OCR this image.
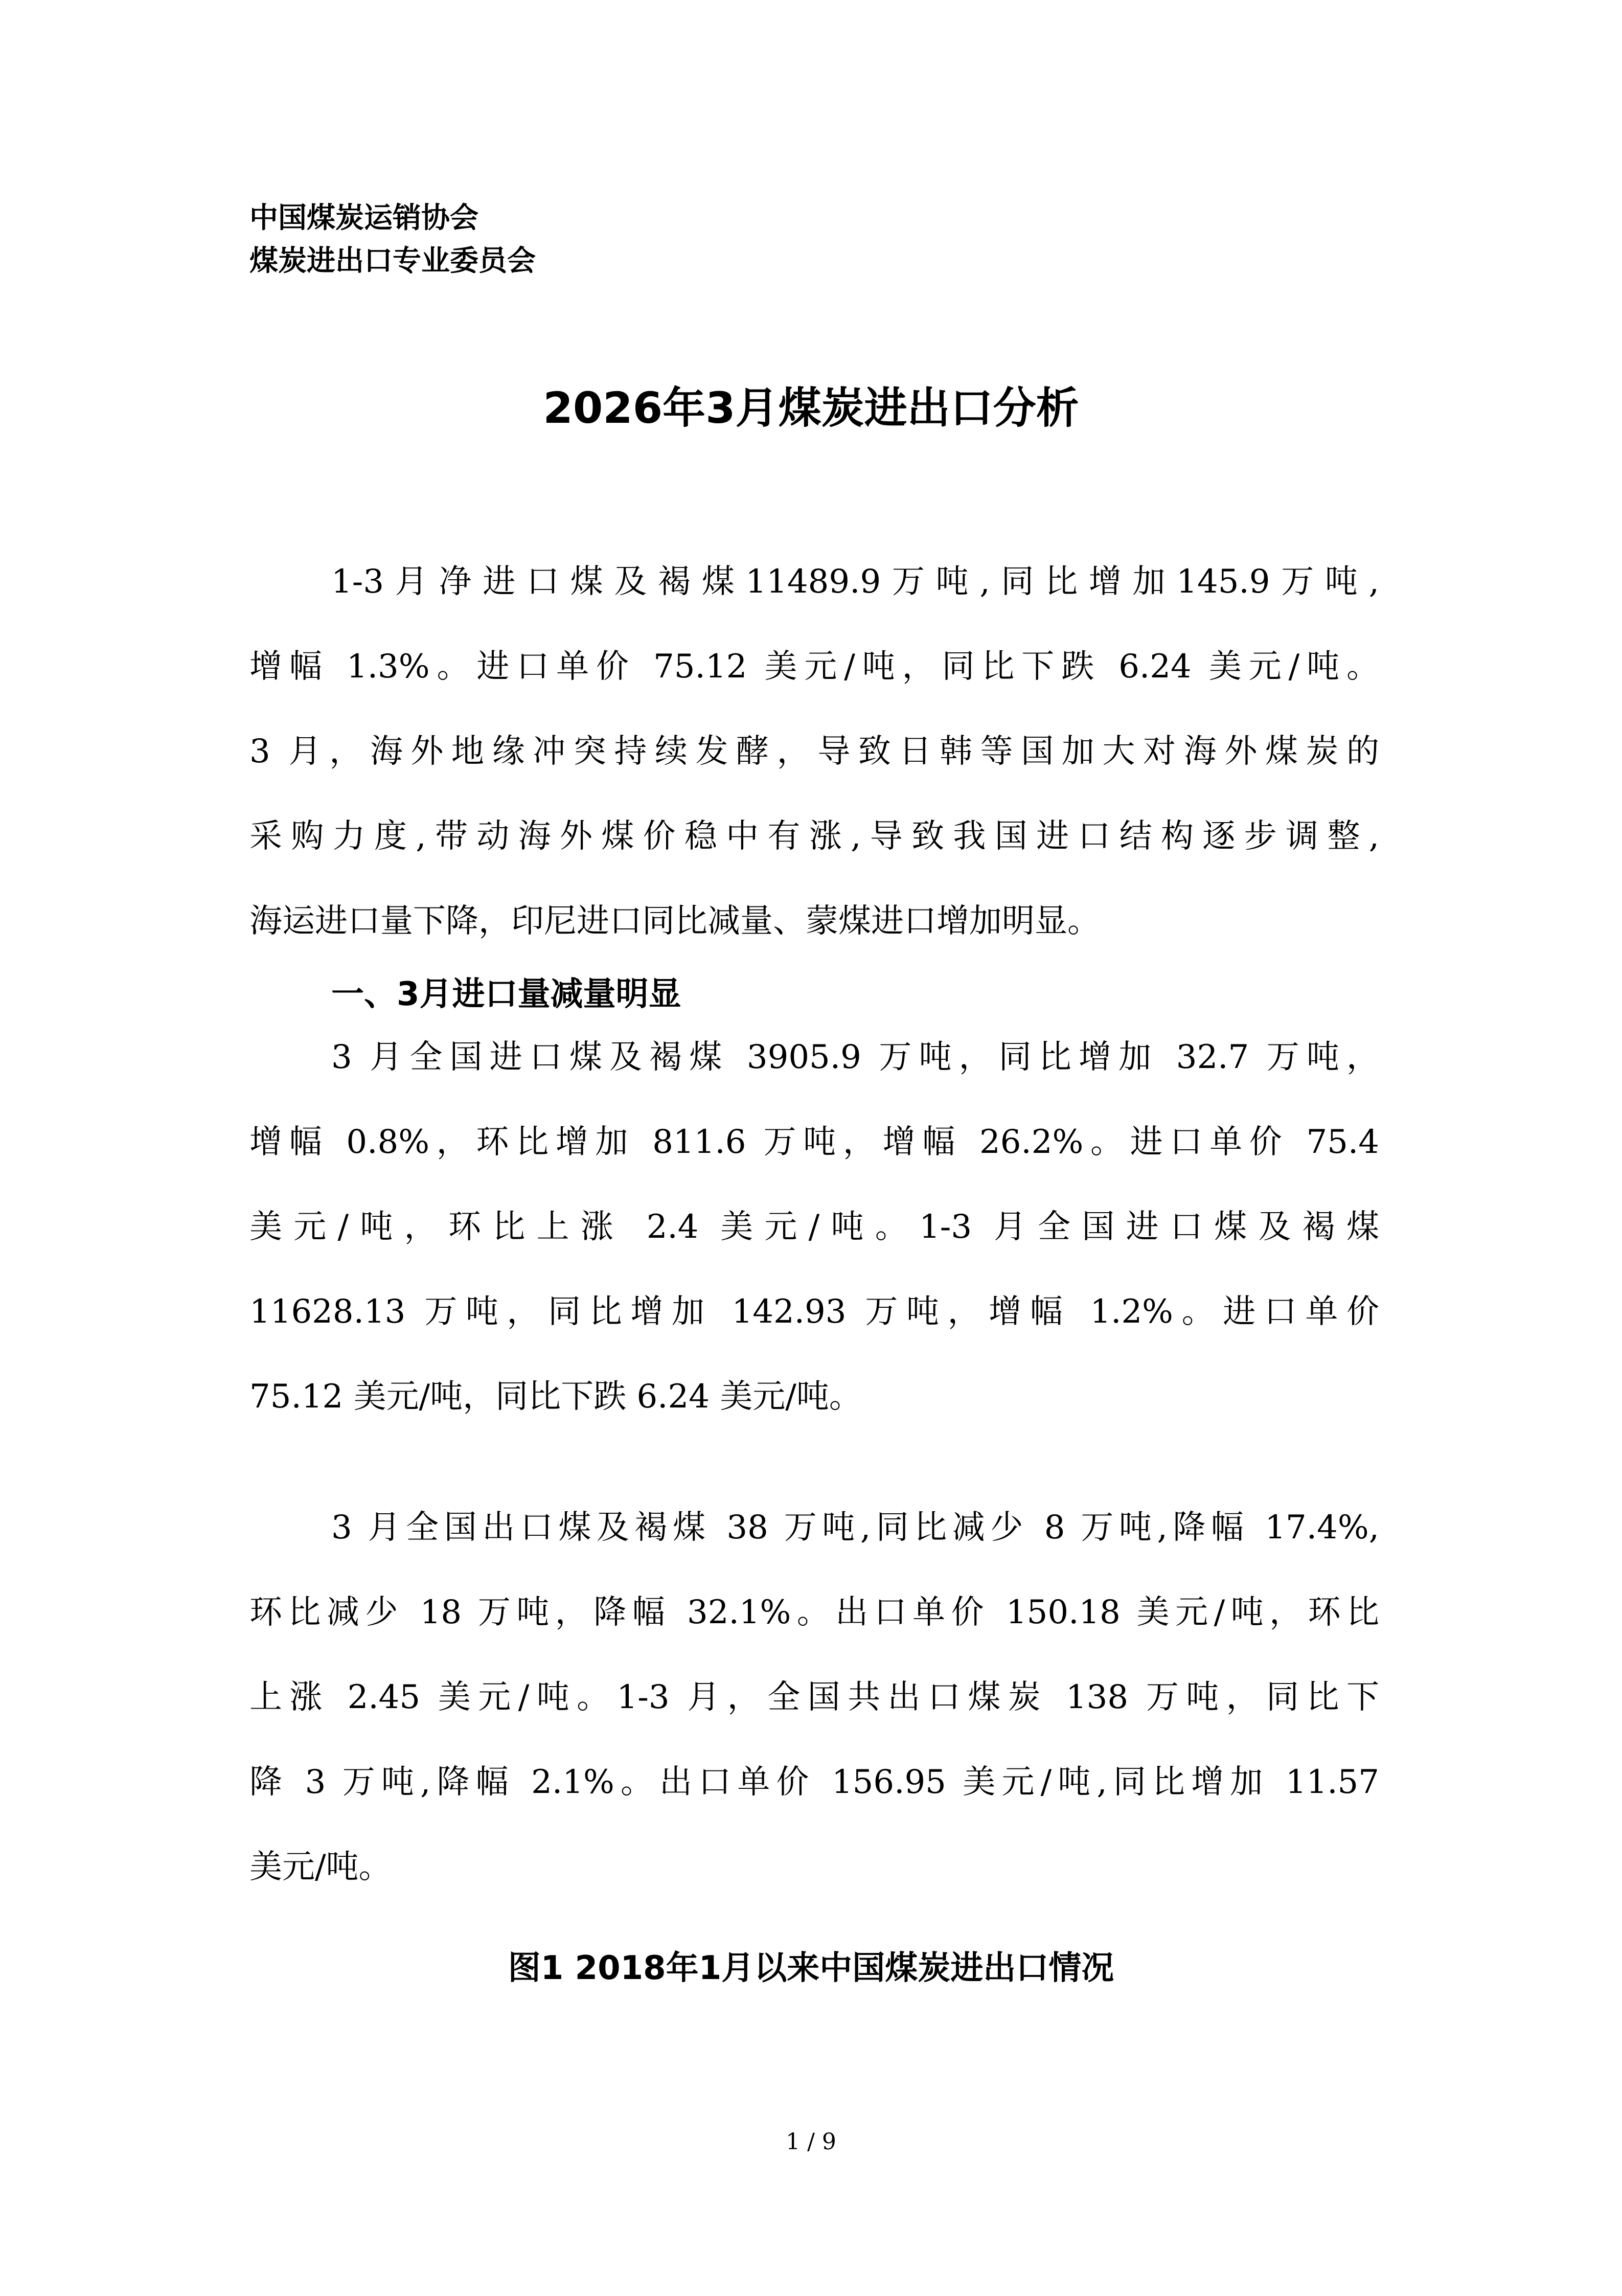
中国煤炭运销协会
煤炭进出口专业委员会
2026年3月煤炭进出口分析
1-3月净进口煤及褐煤11489.9万吨,同比增加145.9万吨,
增幅 1.3%。进口单价 75.12 美元/吨，同比下跌 6.24 美元/吨。
3 月，海外地缘冲突持续发酵，导致日韩等国加大对海外煤炭的
采购力度,带动海外煤价稳中有涨,导致我国进口结构逐步调整,
海运进口量下降，印尼进口同比减量、蒙煤进口增加明显。
一、3月进口量减量明显
3 月全国进口煤及褐煤 3905.9 万吨，同比增加 32.7 万吨，
增幅 0.8%，环比增加 811.6 万吨，增幅 26.2%。进口单价 75.4
美元/吨，环比上涨 2.4 美元/吨。1-3 月全国进口煤及褐煤
11628.13 万吨，同比增加 142.93 万吨，增幅 1.2%。进口单价
75.12 美元/吨，同比下跌 6.24 美元/吨。
3 月全国出口煤及褐煤 38 万吨,同比减少 8 万吨,降幅 17.4%,
环比减少 18 万吨，降幅 32.1%。出口单价 150.18 美元/吨，环比
上涨 2.45 美元/吨。1-3 月，全国共出口煤炭 138 万吨，同比下
降 3 万吨,降幅 2.1%。出口单价 156.95 美元/吨,同比增加 11.57
美元/吨。
图1 2018年1月以来中国煤炭进出口情况
1 / 9
